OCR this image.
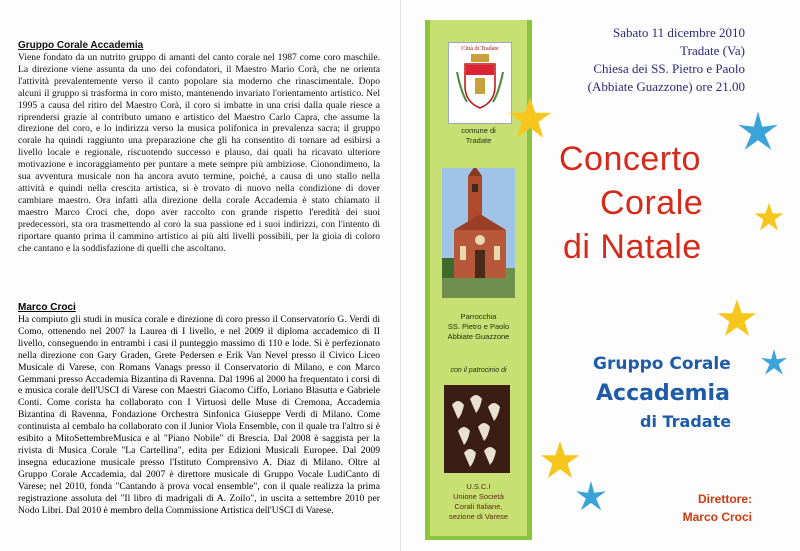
Gruppo Corale Accademia

Viene fondato da un nutrito gruppo di amanti del canto corale nel 1987 come coro maschile. La direzione viene assunta da uno dei cofondatori, il Maestro Mario Corà, che ne orienta l'attività prevalentemente verso il canto popolare sia moderno che rinascimentale. Dopo alcuni il gruppo si trasforma in coro misto, mantenendo invariato l'orientamento artistico. Nel 1995 a causa del ritiro del Maestro Corà, il coro si imbatte in una crisi dalla quale riesce a riprendersi grazie al contributo umano e artistico del Maestro Carlo Capra, che assume la direzione del coro, e lo indirizza verso la musica polifonica in prevalenza sacra; il gruppo corale ha quindi raggiunto una preparazione che gli ha consentito di tornare ad esibirsi a livello locale e regionale, riscuotendo successo e plauso, dai quali ha ricavato ulteriore motivazione e incoraggiamento per puntare a mete sempre più ambiziose. Cionondimeno, la sua avventura musicale non ha ancora avuto termine, poiché, a causa di uno stallo nella attività e quindi nella crescita artistica, si è trovato di nuovo nella condizione di dover cambiare maestro. Ora infatti alla direzione della corale Accademia è stato chiamato il maestro Marco Croci che, dopo aver raccolto con grande rispetto l'eredità dei suoi predecessori, sta ora trasmettendo al coro la sua passione ed i suoi indirizzi, con l'intento di riportare quanto prima il cammino artistico ai più alti livelli possibili, per la gioia di coloro che cantano e la soddisfazione di quelli che ascoltano.

Marco Croci

Ha compiuto gli studi in musica corale e direzione di coro presso il Conservatorio G. Verdi di Como, ottenendo nel 2007 la Laurea di I livello, e nel 2009 il diploma accademico di II livello, conseguendo in entrambi i casi il punteggio massimo di 110 e lode. Si è perfezionato nella direzione con Gary Graden, Grete Pedersen e Erik Van Nevel presso il Civico Liceo Musicale di Varese, con Romans Vanags presso il Conservatorio di Milano, e con Marco Gemmani presso Accademia Bizantina di Ravenna. Dal 1996 al 2000 ha frequentato i corsi di e musica corale dell'USCI di Varese con Maestri Giacomo Ciffo, Loriano Blasutta e Gabriele Conti. Come corista ha collaborato con I Virtuosi delle Muse di Cremona, Accademia Bizantina di Ravenna, Fondazione Orchestra Sinfonica Giuseppe Verdi di Milano. Come continuista al cembalo ha collaborato con il Junior Viola Ensemble, con il quale tra l'altro si è esibito a MitoSettembreMusica e al "Piano Nobile" di Brescia. Dal 2008 è saggista per la rivista di Musica Corale "La Cartellina", edita per Edizioni Musicali Europee. Dal 2009 insegna educazione musicale presso l'Istituto Comprensivo A. Diaz di Milano. Oltre al Gruppo Corale Accademia, dal 2007 è direttore musicale di Gruppo Vocale LudiCanto di Varese; nel 2010, fonda "Cantando à prova vocal ensemble", con il quale realizza la prima registrazione assoluta del "Il libro di madrigali di A. Zoilo", in uscita a settembre 2010 per Nodo Libri. Dal 2010 è membro della Commissione Artistica dell'USCI di Varese.

Città di Tradate
comune di
Tradate
Parrocchia
SS. Pietro e Paolo
Abbiate Guazzone
con il patrocinio di
U.S.C.I
Unione Società
Corali Italiane,
sezione di Varese
Sabato 11 dicembre 2010
Tradate (Va)
Chiesa dei SS. Pietro e Paolo
(Abbiate Guazzone) ore 21.00
Concerto
Corale
di Natale
Gruppo Corale
Accademia
di Tradate
Direttore:
Marco Croci
